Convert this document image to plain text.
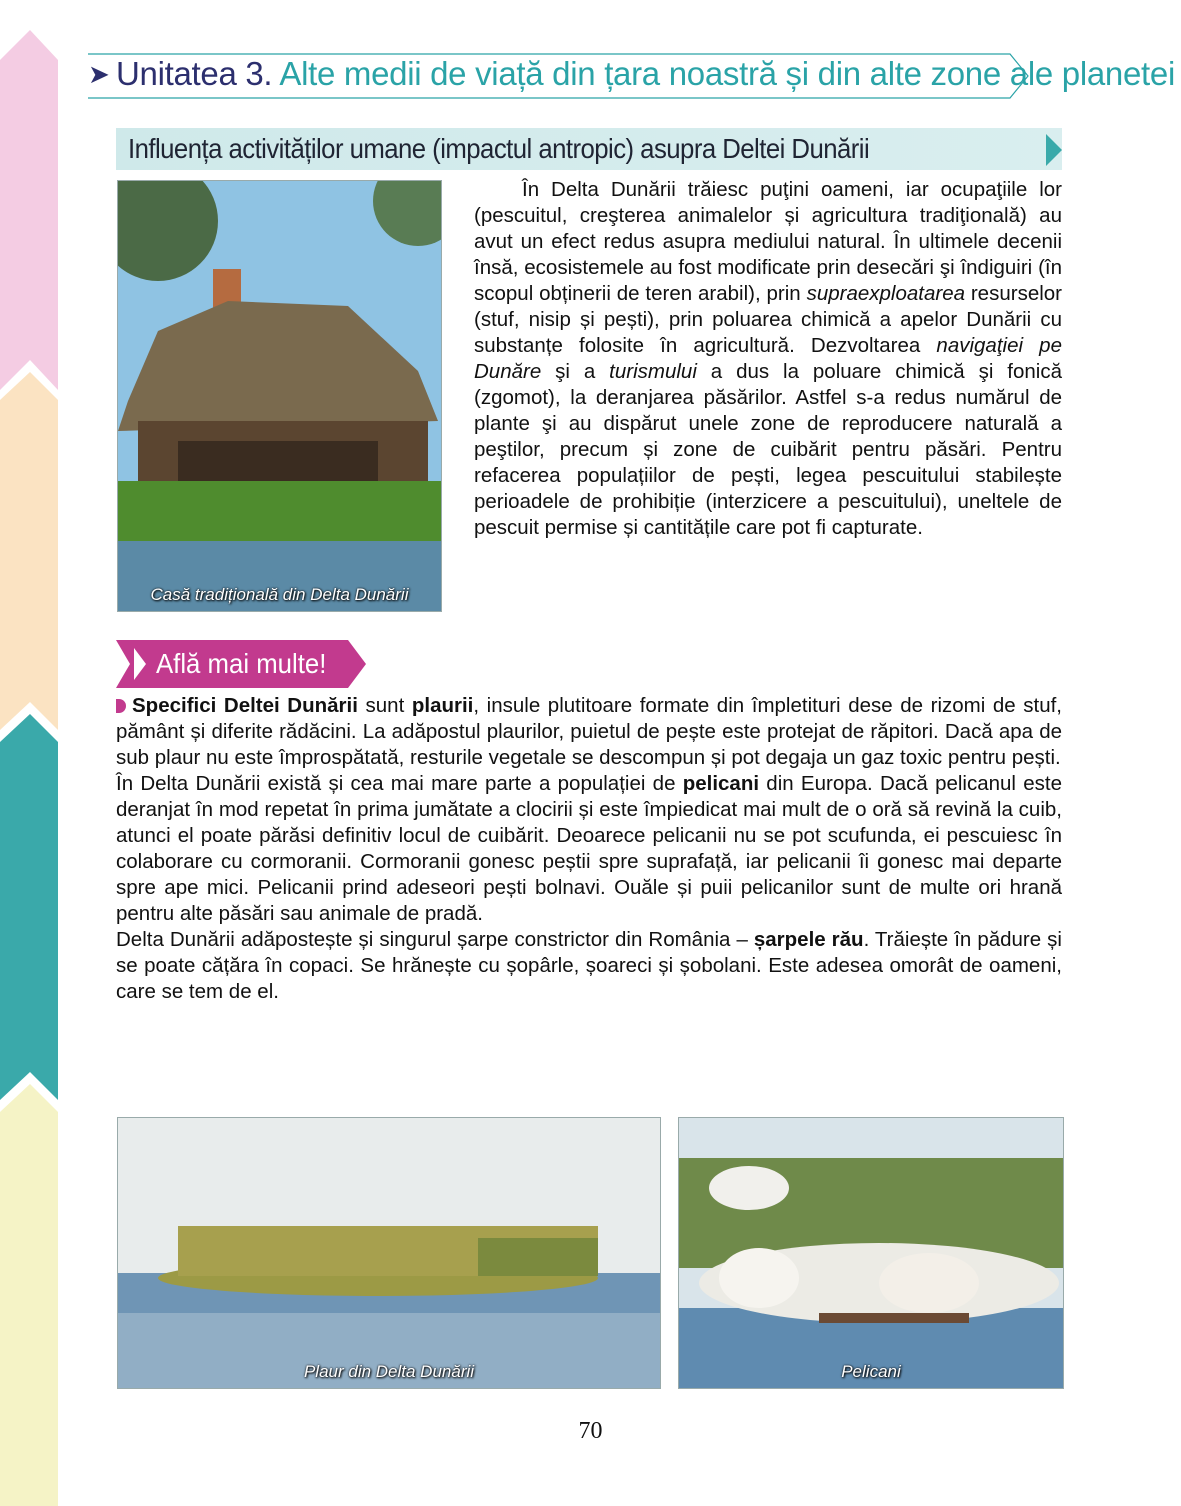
➤ Unitatea 3. Alte medii de viață din țara noastră și din alte zone ale planetei
Influența activităților umane (impactul antropic) asupra Deltei Dunării
Casă tradițională din Delta Dunării
În Delta Dunării trăiesc puţini oameni, iar ocupaţiile lor (pescuitul, creşterea animalelor și agricultura tradiţională) au avut un efect redus asupra mediului natural. În ultimele decenii însă, ecosistemele au fost modificate prin desecări şi îndiguiri (în scopul obținerii de teren arabil), prin supraexploatarea resurselor (stuf, nisip și pești), prin poluarea chimică a apelor Dunării cu substanțe folosite în agricultură. Dezvoltarea navigaţiei pe Dunăre şi a turismului a dus la poluare chimică şi fonică (zgomot), la deranjarea păsărilor. Astfel s-a redus numărul de plante şi au dispărut unele zone de reproducere naturală a peştilor, precum și zone de cuibărit pentru păsări. Pentru refacerea populațiilor de pești, legea pescuitului stabilește perioadele de prohibiție (interzicere a pescuitului), uneltele de pescuit permise și cantitățile care pot fi capturate.
Află mai multe!

Specifici Deltei Dunării sunt plaurii, insule plutitoare formate din împletituri dese de rizomi de stuf, pământ și diferite rădăcini. La adăpostul plaurilor, puietul de pește este protejat de răpitori. Dacă apa de sub plaur nu este împrospătată, resturile vegetale se descompun și pot degaja un gaz toxic pentru pești.

În Delta Dunării există și cea mai mare parte a populației de pelicani din Europa. Dacă pelicanul este deranjat în mod repetat în prima jumătate a clocirii și este împiedicat mai mult de o oră să revină la cuib, atunci el poate părăsi definitiv locul de cuibărit. Deoarece pelicanii nu se pot scufunda, ei pescuiesc în colaborare cu cormoranii. Cormoranii gonesc peștii spre suprafață, iar pelicanii îi gonesc mai departe spre ape mici. Pelicanii prind adeseori pești bolnavi. Ouăle și puii pelicanilor sunt de multe ori hrană pentru alte păsări sau animale de pradă.

Delta Dunării adăpostește și singurul șarpe constrictor din România – șarpele rău. Trăiește în pădure și se poate cățăra în copaci. Se hrănește cu șopârle, șoareci și șobolani. Este adesea omorât de oameni, care se tem de el.

Plaur din Delta Dunării	Pelicani
70
